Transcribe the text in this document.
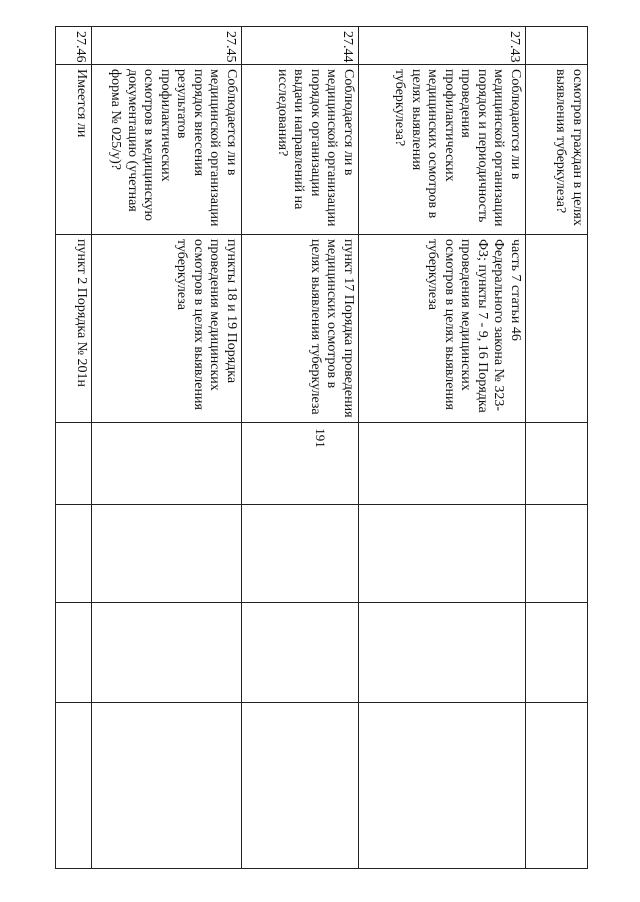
191
	осмотров граждан в целях выявления туберкулеза?					
27.43	Соблюдаются ли в медицинской организации порядок и периодичность проведения профилактических медицинских осмотров в целях выявления туберкулеза?	часть 7 статьи 46 Федерального закона № 323-ФЗ; пункты 7 - 9, 16 Порядка проведения медицинских осмотров в целях выявления туберкулеза				
27.44	Соблюдается ли в медицинской организации порядок организации выдачи направлений на исследования?	пункт 17 Порядка проведения медицинских осмотров в целях выявления туберкулеза				
27.45	Соблюдается ли в медицинской организации порядок внесения результатов профилактических осмотров в медицинскую документацию (учетная форма № 025/у)?	пункты 18 и 19 Порядка проведения медицинских осмотров в целях выявления туберкулеза				
27.46	Имеется ли	пункт 2 Порядка № 201н				
